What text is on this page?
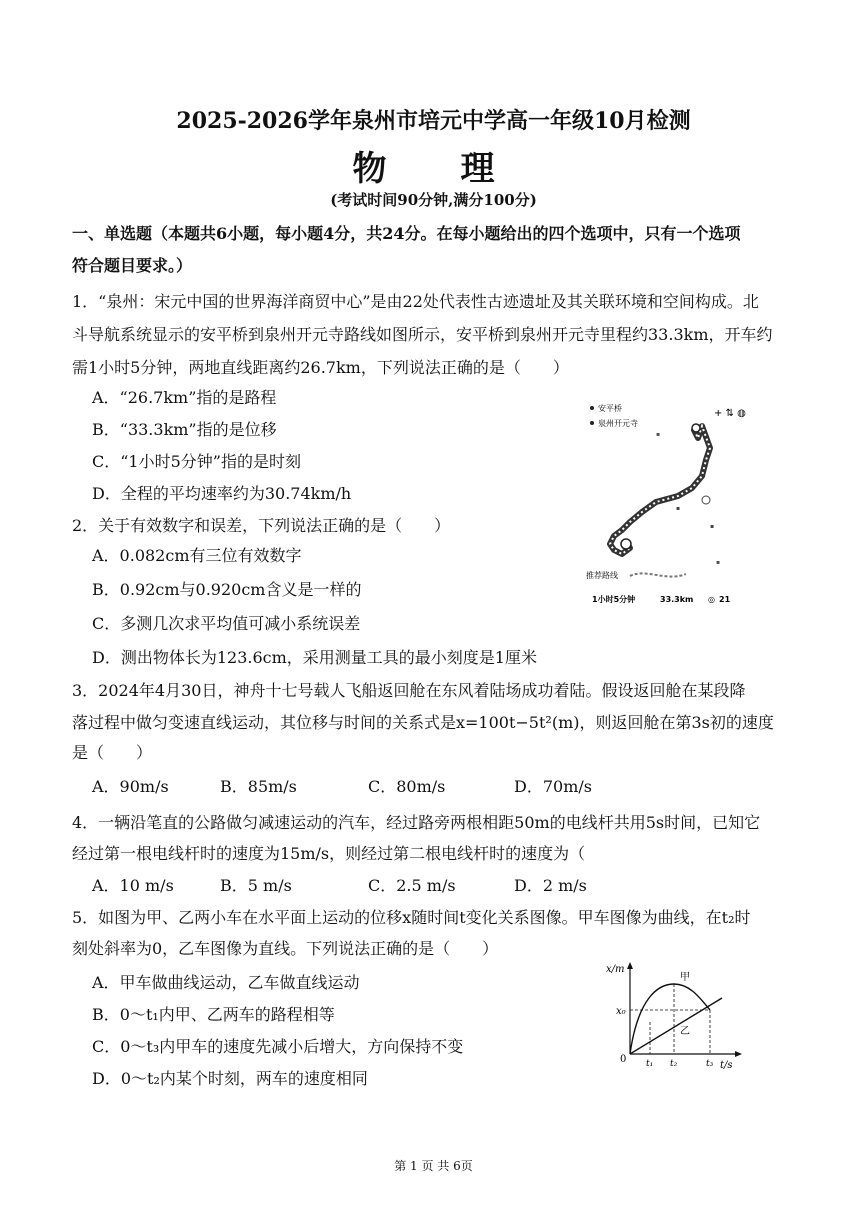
2025-2026学年泉州市培元中学高一年级10月检测
物　理
(考试时间90分钟,满分100分)
一、单选题（本题共6小题，每小题4分，共24分。在每小题给出的四个选项中，只有一个选项
符合题目要求。）
1．“泉州：宋元中国的世界海洋商贸中心”是由22处代表性古迹遗址及其关联环境和空间构成。北
斗导航系统显示的安平桥到泉州开元寺路线如图所示，安平桥到泉州开元寺里程约33.3km，开车约
需1小时5分钟，两地直线距离约26.7km，下列说法正确的是（　　）
A．“26.7km”指的是路程
B．“33.3km”指的是位移
C．“1小时5分钟”指的是时刻
D．全程的平均速率约为30.74km/h
安平桥
泉州开元寺
+ ⇅ ◍
▪
▪
▪
▪
推荐路线
1小时5分钟	33.3km ◎ 21
2．关于有效数字和误差，下列说法正确的是（　　）
A．0.082cm有三位有效数字
B．0.92cm与0.920cm含义是一样的
C．多测几次求平均值可减小系统误差
D．测出物体长为123.6cm，采用测量工具的最小刻度是1厘米
3．2024年4月30日，神舟十七号载人飞船返回舱在东风着陆场成功着陆。假设返回舱在某段降
落过程中做匀变速直线运动，其位移与时间的关系式是x=100t−5t²(m)，则返回舱在第3s初的速度
是（　　）
A．90m/s	B．85m/s	C．80m/s	D．70m/s
4．一辆沿笔直的公路做匀减速运动的汽车，经过路旁两根相距50m的电线杆共用5s时间，已知它
经过第一根电线杆时的速度为15m/s，则经过第二根电线杆时的速度为（
A．10 m/s	B．5 m/s	C．2.5 m/s	D．2 m/s
5．如图为甲、乙两小车在水平面上运动的位移x随时间t变化关系图像。甲车图像为曲线，在t₂时
刻处斜率为0，乙车图像为直线。下列说法正确的是（　　）
A．甲车做曲线运动，乙车做直线运动
B．0～t₁内甲、乙两车的路程相等
C．0～t₃内甲车的速度先减小后增大，方向保持不变
D．0～t₂内某个时刻，两车的速度相同
x/m
t/s
0
x₀
t₁ t₂	t₃
甲
乙
第 1 页 共 6页
